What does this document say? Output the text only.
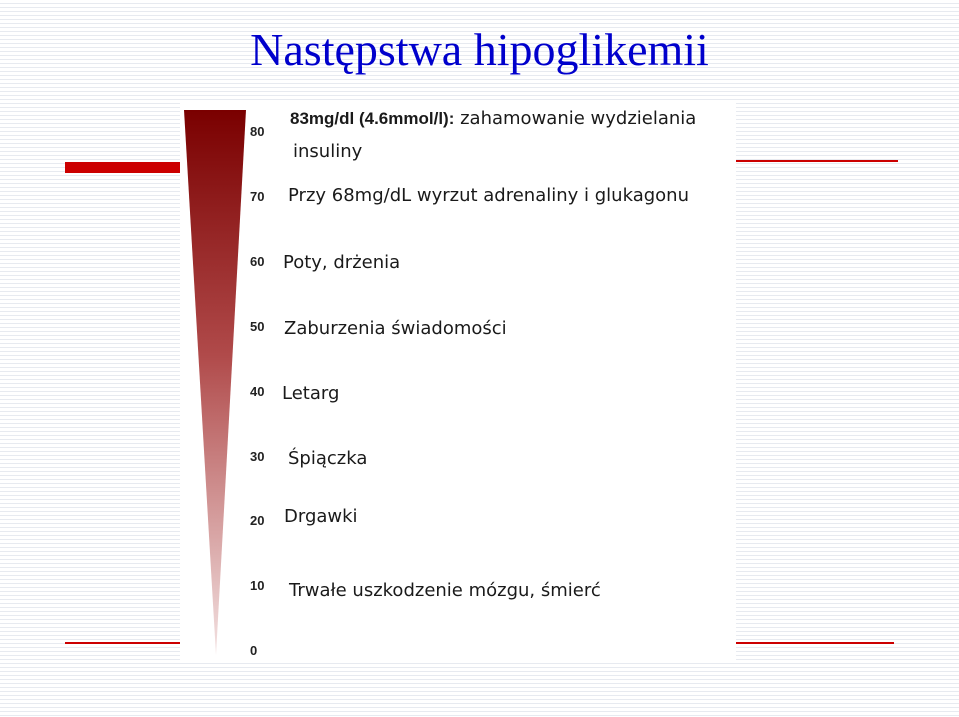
Następstwa hipoglikemii
80
70
60
50
40
30
20
10
0
83mg/dl (4.6mmol/l): zahamowanie wydzielania
insuliny
Przy 68mg/dL wyrzut adrenaliny i glukagonu
Poty, drżenia
Zaburzenia świadomości
Letarg
Śpiączka
Drgawki
Trwałe uszkodzenie mózgu, śmierć
